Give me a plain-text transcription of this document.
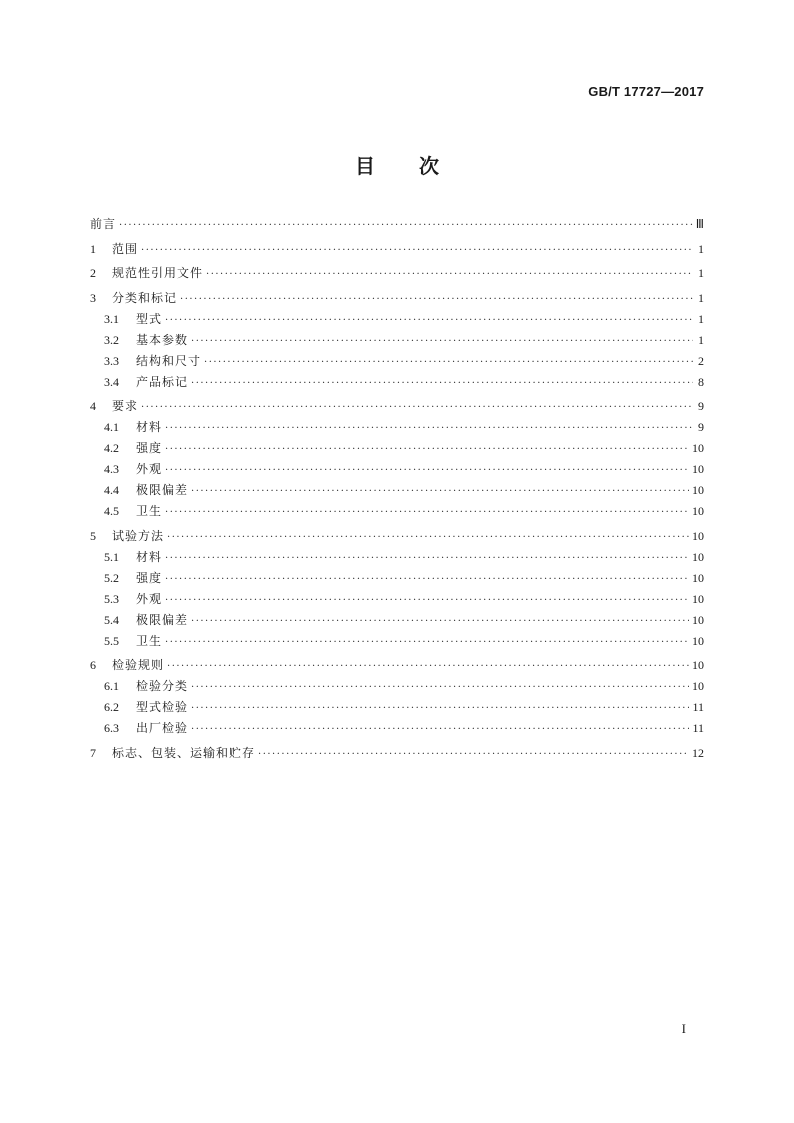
GB/T 17727—2017
目 次
前言 ·····	Ⅲ
1	范围 ·····	1
2	规范性引用文件 ·····	1
3	分类和标记 ·····	1
3.1	型式 ·····	1
3.2	基本参数 ·····	1
3.3	结构和尺寸 ·····	2
3.4	产品标记 ·····	8
4	要求 ·····	9
4.1	材料 ·····	9
4.2	强度 ·····	10
4.3	外观 ·····	10
4.4	极限偏差 ·····	10
4.5	卫生 ·····	10
5	试验方法 ·····	10
5.1	材料 ·····	10
5.2	强度 ·····	10
5.3	外观 ·····	10
5.4	极限偏差 ·····	10
5.5	卫生 ·····	10
6	检验规则 ·····	10
6.1	检验分类 ·····	10
6.2	型式检验 ·····	11
6.3	出厂检验 ·····	11
7	标志、包装、运输和贮存 ·····	12
I
